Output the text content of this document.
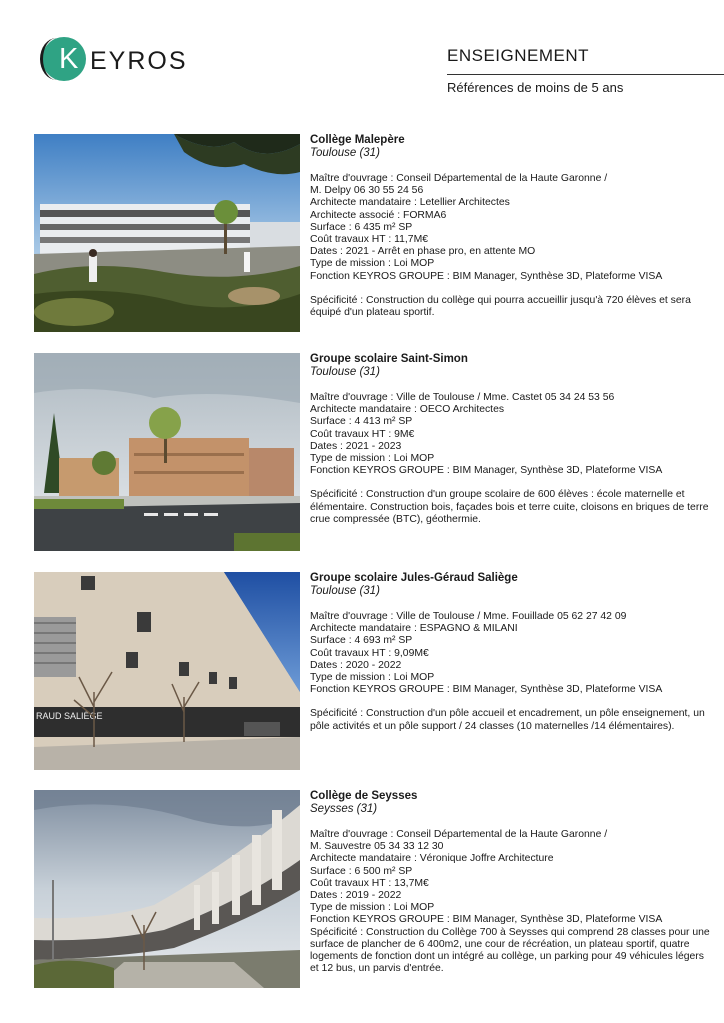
K EYROS	ENSEIGNEMENT
Références de moins de 5 ans
Collège Malepère
Toulouse (31)
Maître d'ouvrage : Conseil Départemental de la Haute Garonne /
M. Delpy 06 30 55 24 56
Architecte mandataire : Letellier Architectes
Architecte associé : FORMA6
Surface : 6 435 m² SP
Coût travaux HT : 11,7M€
Dates : 2021 - Arrêt en phase pro, en attente MO
Type de mission : Loi MOP
Fonction KEYROS GROUPE : BIM Manager, Synthèse 3D, Plateforme VISA
Spécificité : Construction du collège qui pourra accueillir jusqu'à 720 élèves et sera équipé d'un plateau sportif.
Groupe scolaire Saint-Simon
Toulouse (31)
Maître d'ouvrage : Ville de Toulouse / Mme. Castet 05 34 24 53 56
Architecte mandataire : OECO Architectes
Surface : 4 413 m² SP
Coût travaux HT : 9M€
Dates : 2021 - 2023
Type de mission : Loi MOP
Fonction KEYROS GROUPE : BIM Manager, Synthèse 3D, Plateforme VISA
Spécificité : Construction d'un groupe scolaire de 600 élèves : école maternelle et élémentaire. Construction bois, façades bois et terre cuite, cloisons en briques de terre crue compressée (BTC), géothermie.
RAUD SALIÈGE
Groupe scolaire Jules-Géraud Saliège
Toulouse (31)
Maître d'ouvrage : Ville de Toulouse / Mme. Fouillade 05 62 27 42 09
Architecte mandataire : ESPAGNO & MILANI
Surface : 4 693 m² SP
Coût travaux HT : 9,09M€
Dates : 2020 - 2022
Type de mission : Loi MOP
Fonction KEYROS GROUPE : BIM Manager, Synthèse 3D, Plateforme VISA
Spécificité : Construction d'un pôle accueil et encadrement, un pôle enseignement, un pôle activités et un pôle support / 24 classes (10 maternelles /14 élémentaires).
Collège de Seysses
Seysses (31)
Maître d'ouvrage : Conseil Départemental de la Haute Garonne /
M. Sauvestre 05 34 33 12 30
Architecte mandataire : Véronique Joffre Architecture
Surface : 6 500 m² SP
Coût travaux HT : 13,7M€
Dates : 2019 - 2022
Type de mission : Loi MOP
Fonction KEYROS GROUPE : BIM Manager, Synthèse 3D, Plateforme VISA
Spécificité : Construction du Collège 700 à Seysses qui comprend 28 classes pour une surface de plancher de 6 400m2, une cour de récréation, un plateau sportif, quatre logements de fonction dont un intégré au collège, un parking pour 49 véhicules légers et 12 bus, un parvis d'entrée.
